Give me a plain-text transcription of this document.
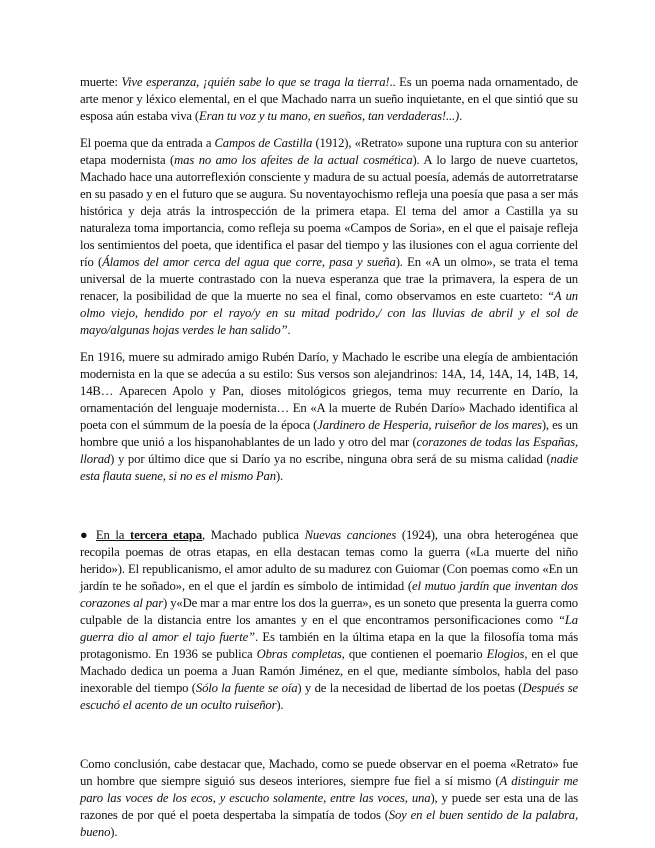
muerte: Vive esperanza, ¡quién sabe lo que se traga la tierra!.. Es un poema nada ornamentado, de arte menor y léxico elemental, en el que Machado narra un sueño inquietante, en el que sintió que su esposa aún estaba viva (Eran tu voz y tu mano, en sueños, tan verdaderas!...).

El poema que da entrada a Campos de Castilla (1912), «Retrato» supone una ruptura con su anterior etapa modernista (mas no amo los afeites de la actual cosmética). A lo largo de nueve cuartetos, Machado hace una autorreflexión consciente y madura de su actual poesía, además de autorretratarse en su pasado y en el futuro que se augura. Su noventayochismo refleja una poesía que pasa a ser más histórica y deja atrás la introspección de la primera etapa. El tema del amor a Castilla ya su naturaleza toma importancia, como refleja su poema «Campos de Soria», en el que el paisaje refleja los sentimientos del poeta, que identifica el pasar del tiempo y las ilusiones con el agua corriente del río (Álamos del amor cerca del agua que corre, pasa y sueña). En «A un olmo», se trata el tema universal de la muerte contrastado con la nueva esperanza que trae la primavera, la espera de un renacer, la posibilidad de que la muerte no sea el final, como observamos en este cuarteto: “A un olmo viejo, hendido por el rayo/y en su mitad podrido,/ con las lluvias de abril y el sol de mayo/algunas hojas verdes le han salido”.

En 1916, muere su admirado amigo Rubén Darío, y Machado le escribe una elegía de ambientación modernista en la que se adecúa a su estilo: Sus versos son alejandrinos: 14A, 14, 14A, 14, 14B, 14, 14B… Aparecen Apolo y Pan, dioses mitológicos griegos, tema muy recurrente en Darío, la ornamentación del lenguaje modernista… En «A la muerte de Rubén Darío» Machado identifica al poeta con el súmmum de la poesía de la época (Jardinero de Hesperia, ruiseñor de los mares), es un hombre que unió a los hispanohablantes de un lado y otro del mar (corazones de todas las Españas, llorad) y por último dice que si Darío ya no escribe, ninguna obra será de su misma calidad (nadie esta flauta suene, si no es el mismo Pan).

● En la tercera etapa, Machado publica Nuevas canciones (1924), una obra heterogénea que recopila poemas de otras etapas, en ella destacan temas como la guerra («La muerte del niño herido»). El republicanismo, el amor adulto de su madurez con Guiomar (Con poemas como «En un jardín te he soñado», en el que el jardín es símbolo de intimidad (el mutuo jardín que inventan dos corazones al par) y«De mar a mar entre los dos la guerra», es un soneto que presenta la guerra como culpable de la distancia entre los amantes y en el que encontramos personificaciones como “La guerra dio al amor el tajo fuerte”. Es también en la última etapa en la que la filosofía toma más protagonismo. En 1936 se publica Obras completas, que contienen el poemario Elogios, en el que Machado dedica un poema a Juan Ramón Jiménez, en el que, mediante símbolos, habla del paso inexorable del tiempo (Sólo la fuente se oía) y de la necesidad de libertad de los poetas (Después se escuchó el acento de un oculto ruiseñor).

Como conclusión, cabe destacar que, Machado, como se puede observar en el poema «Retrato» fue un hombre que siempre siguió sus deseos interiores, siempre fue fiel a sí mismo (A distinguir me paro las voces de los ecos, y escucho solamente, entre las voces, una), y puede ser esta una de las razones de por qué el poeta despertaba la simpatía de todos (Soy en el buen sentido de la palabra, bueno).
